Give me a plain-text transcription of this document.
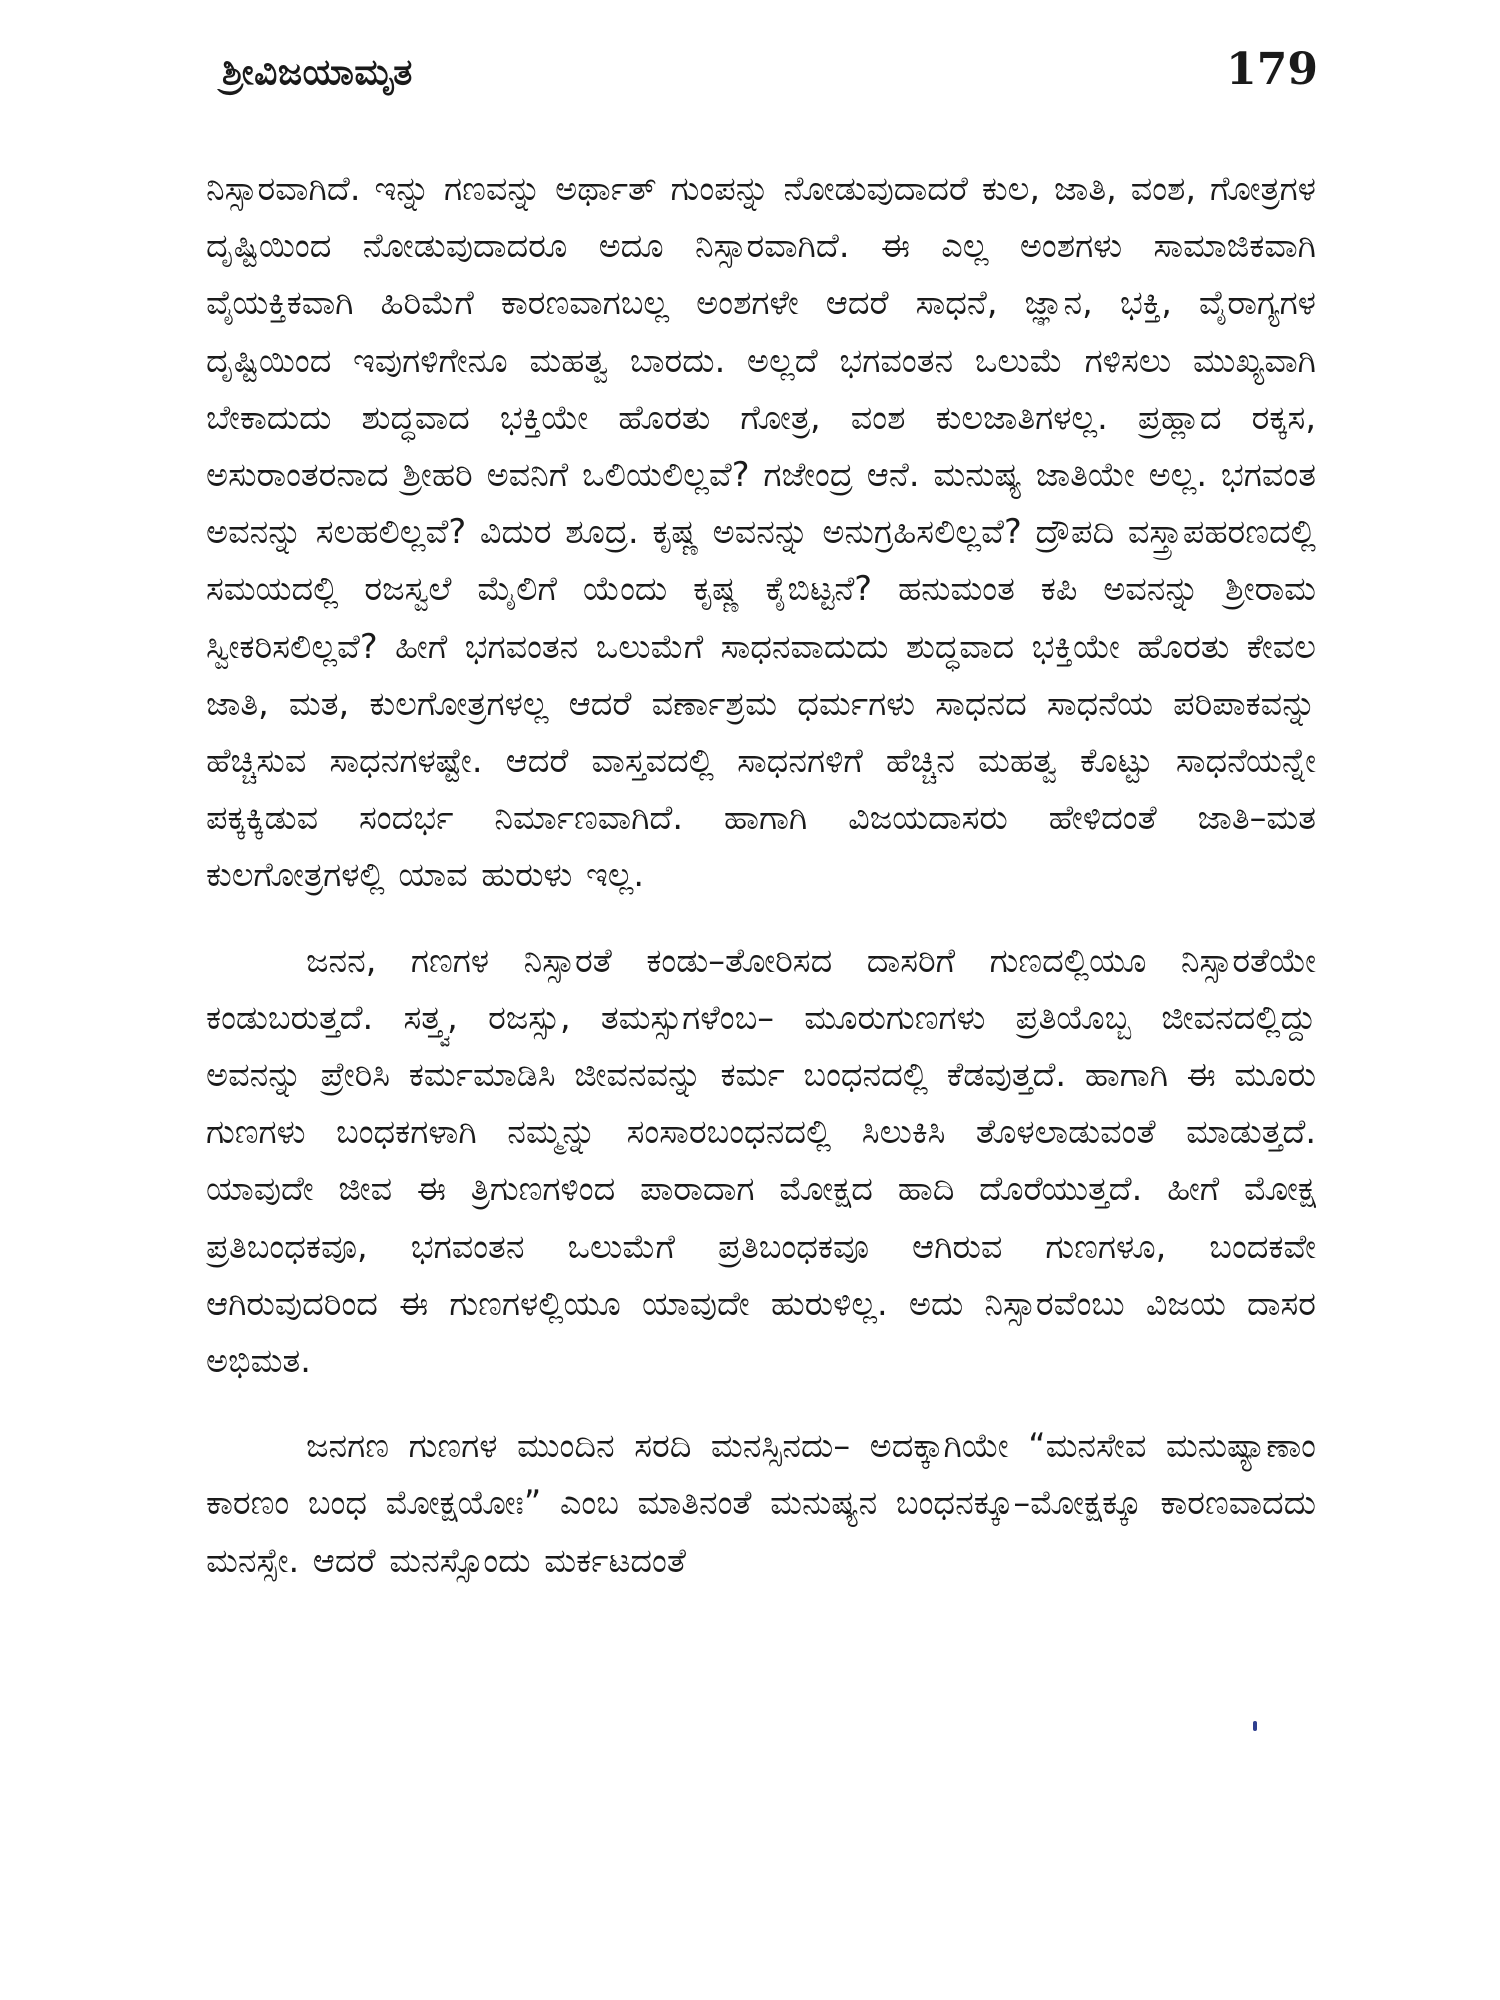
ಶ್ರೀವಿಜಯಾಮೃತ	179

ನಿಸ್ಸಾರವಾಗಿದೆ. ಇನ್ನು ಗಣವನ್ನು ಅರ್ಥಾತ್ ಗುಂಪನ್ನು ನೋಡುವುದಾದರೆ ಕುಲ, ಜಾತಿ, ವಂಶ, ಗೋತ್ರಗಳ ದೃಷ್ಟಿಯಿಂದ ನೋಡುವುದಾದರೂ ಅದೂ ನಿಸ್ಸಾರವಾಗಿದೆ. ಈ ಎಲ್ಲ ಅಂಶಗಳು ಸಾಮಾಜಿಕವಾಗಿ ವೈಯಕ್ತಿಕವಾಗಿ ಹಿರಿಮೆಗೆ ಕಾರಣವಾಗಬಲ್ಲ ಅಂಶಗಳೇ ಆದರೆ ಸಾಧನೆ, ಜ್ಞಾನ, ಭಕ್ತಿ, ವೈರಾಗ್ಯಗಳ ದೃಷ್ಟಿಯಿಂದ ಇವುಗಳಿಗೇನೂ ಮಹತ್ವ ಬಾರದು. ಅಲ್ಲದೆ ಭಗವಂತನ ಒಲುಮೆ ಗಳಿಸಲು ಮುಖ್ಯವಾಗಿ ಬೇಕಾದುದು ಶುದ್ಧವಾದ ಭಕ್ತಿಯೇ ಹೊರತು ಗೋತ್ರ, ವಂಶ ಕುಲಜಾತಿಗಳಲ್ಲ. ಪ್ರಹ್ಲಾದ ರಕ್ಕಸ, ಅಸುರಾಂತರನಾದ ಶ್ರೀಹರಿ ಅವನಿಗೆ ಒಲಿಯಲಿಲ್ಲವೆ? ಗಜೇಂದ್ರ ಆನೆ. ಮನುಷ್ಯ ಜಾತಿಯೇ ಅಲ್ಲ. ಭಗವಂತ ಅವನನ್ನು ಸಲಹಲಿಲ್ಲವೆ? ವಿದುರ ಶೂದ್ರ. ಕೃಷ್ಣ ಅವನನ್ನು ಅನುಗ್ರಹಿಸಲಿಲ್ಲವೆ? ದ್ರೌಪದಿ ವಸ್ತ್ರಾಪಹರಣದಲ್ಲಿ ಸಮಯದಲ್ಲಿ ರಜಸ್ವಲೆ ಮೈಲಿಗೆ ಯೆಂದು ಕೃಷ್ಣ ಕೈಬಿಟ್ಟನೆ? ಹನುಮಂತ ಕಪಿ ಅವನನ್ನು ಶ್ರೀರಾಮ ಸ್ವೀಕರಿಸಲಿಲ್ಲವೆ? ಹೀಗೆ ಭಗವಂತನ ಒಲುಮೆಗೆ ಸಾಧನವಾದುದು ಶುದ್ಧವಾದ ಭಕ್ತಿಯೇ ಹೊರತು ಕೇವಲ ಜಾತಿ, ಮತ, ಕುಲಗೋತ್ರಗಳಲ್ಲ ಆದರೆ ವರ್ಣಾಶ್ರಮ ಧರ್ಮಗಳು ಸಾಧನದ ಸಾಧನೆಯ ಪರಿಪಾಕವನ್ನು ಹೆಚ್ಚಿಸುವ ಸಾಧನಗಳಷ್ಟೇ. ಆದರೆ ವಾಸ್ತವದಲ್ಲಿ ಸಾಧನಗಳಿಗೆ ಹೆಚ್ಚಿನ ಮಹತ್ವ ಕೊಟ್ಟು ಸಾಧನೆಯನ್ನೇ ಪಕ್ಕಕ್ಕಿಡುವ ಸಂದರ್ಭ ನಿರ್ಮಾಣವಾಗಿದೆ. ಹಾಗಾಗಿ ವಿಜಯದಾಸರು ಹೇಳಿದಂತೆ ಜಾತಿ–ಮತ ಕುಲಗೋತ್ರಗಳಲ್ಲಿ ಯಾವ ಹುರುಳು ಇಲ್ಲ.

ಜನನ, ಗಣಗಳ ನಿಸ್ಸಾರತೆ ಕಂಡು–ತೋರಿಸದ ದಾಸರಿಗೆ ಗುಣದಲ್ಲಿಯೂ ನಿಸ್ಸಾರತೆಯೇ ಕಂಡುಬರುತ್ತದೆ. ಸತ್ತ್ವ, ರಜಸ್ಸು, ತಮಸ್ಸುಗಳೆಂಬ– ಮೂರುಗುಣಗಳು ಪ್ರತಿಯೊಬ್ಬ ಜೀವನದಲ್ಲಿದ್ದು ಅವನನ್ನು ಪ್ರೇರಿಸಿ ಕರ್ಮಮಾಡಿಸಿ ಜೀವನವನ್ನು ಕರ್ಮ ಬಂಧನದಲ್ಲಿ ಕೆಡವುತ್ತದೆ. ಹಾಗಾಗಿ ಈ ಮೂರು ಗುಣಗಳು ಬಂಧಕಗಳಾಗಿ ನಮ್ಮನ್ನು ಸಂಸಾರಬಂಧನದಲ್ಲಿ ಸಿಲುಕಿಸಿ ತೊಳಲಾಡುವಂತೆ ಮಾಡುತ್ತದೆ. ಯಾವುದೇ ಜೀವ ಈ ತ್ರಿಗುಣಗಳಿಂದ ಪಾರಾದಾಗ ಮೋಕ್ಷದ ಹಾದಿ ದೊರೆಯುತ್ತದೆ. ಹೀಗೆ ಮೋಕ್ಷ ಪ್ರತಿಬಂಧಕವೂ, ಭಗವಂತನ ಒಲುಮೆಗೆ ಪ್ರತಿಬಂಧಕವೂ ಆಗಿರುವ ಗುಣಗಳೂ, ಬಂದಕವೇ ಆಗಿರುವುದರಿಂದ ಈ ಗುಣಗಳಲ್ಲಿಯೂ ಯಾವುದೇ ಹುರುಳಿಲ್ಲ. ಅದು ನಿಸ್ಸಾರವೆಂಬು ವಿಜಯ ದಾಸರ ಅಭಿಮತ.

ಜನಗಣ ಗುಣಗಳ ಮುಂದಿನ ಸರದಿ ಮನಸ್ಸಿನದು– ಅದಕ್ಕಾಗಿಯೇ “ಮನಸೇವ ಮನುಷ್ಯಾಣಾಂ ಕಾರಣಂ ಬಂಧ ಮೋಕ್ಷಯೋಃ” ಎಂಬ ಮಾತಿನಂತೆ ಮನುಷ್ಯನ ಬಂಧನಕ್ಕೂ–ಮೋಕ್ಷಕ್ಕೂ ಕಾರಣವಾದದು ಮನಸ್ಸೇ. ಆದರೆ ಮನಸ್ಸೊಂದು ಮರ್ಕಟದಂತೆ
